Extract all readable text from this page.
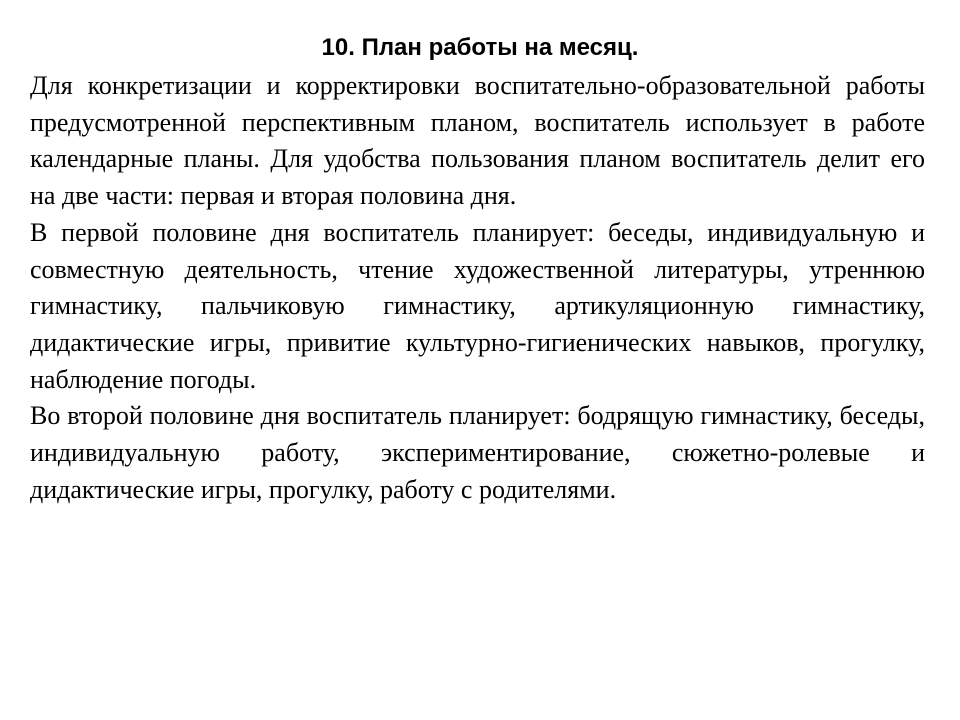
10. План работы на месяц.

Для конкретизации и корректировки воспитательно-образовательной работы предусмотренной перспективным планом, воспитатель использует в работе календарные планы. Для удобства пользования планом воспитатель делит его на две части: первая и вторая половина дня.

В первой половине дня воспитатель планирует: беседы, индивидуальную и совместную деятельность, чтение художественной литературы, утреннюю гимнастику, пальчиковую гимнастику, артикуляционную гимнастику, дидактические игры, привитие культурно-гигиенических навыков, прогулку, наблюдение погоды.

Во второй половине дня воспитатель планирует: бодрящую гимнастику, беседы, индивидуальную работу, экспериментирование, сюжетно-ролевые и дидактические игры, прогулку, работу с родителями.
